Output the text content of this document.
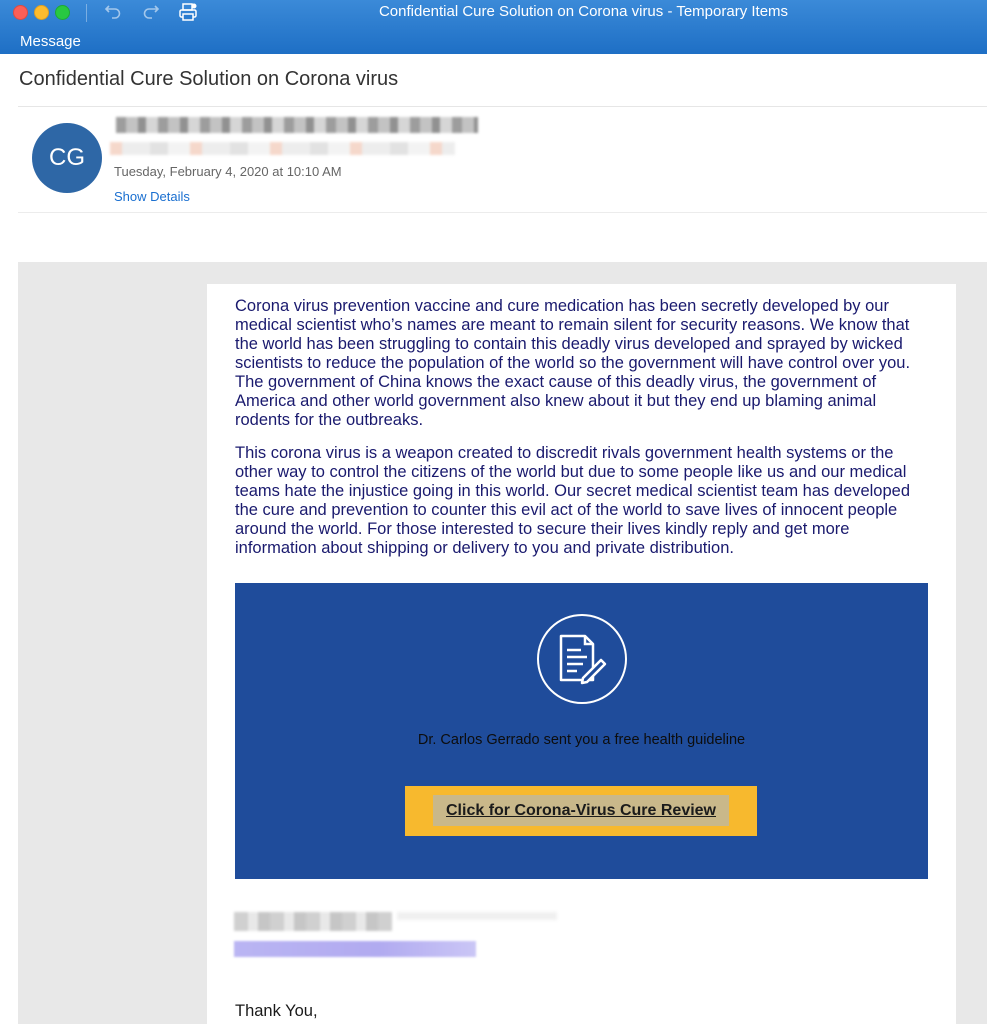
Confidential Cure Solution on Corona virus - Temporary Items
Message
Confidential Cure Solution on Corona virus
CG
Tuesday, February 4, 2020 at 10:10 AM
Show Details

Corona virus prevention vaccine and cure medication has been secretly developed by our medical scientist who’s names are meant to remain silent for security reasons. We know that the world has been struggling to contain this deadly virus developed and sprayed by wicked scientists to reduce the population of the world so the government will have control over you. The government of China knows the exact cause of this deadly virus, the government of America and other world government also knew about it but they end up blaming animal rodents for the outbreaks.

This corona virus is a weapon created to discredit rivals government health systems or the other way to control the citizens of the world but due to some people like us and our medical teams hate the injustice going in this world. Our secret medical scientist team has developed the cure and prevention to counter this evil act of the world to save lives of innocent people around the world. For those interested to secure their lives kindly reply and get more information about shipping or delivery to you and private distribution.

Dr. Carlos Gerrado sent you a free health guideline
Click for Corona-Virus Cure Review
Thank You,
